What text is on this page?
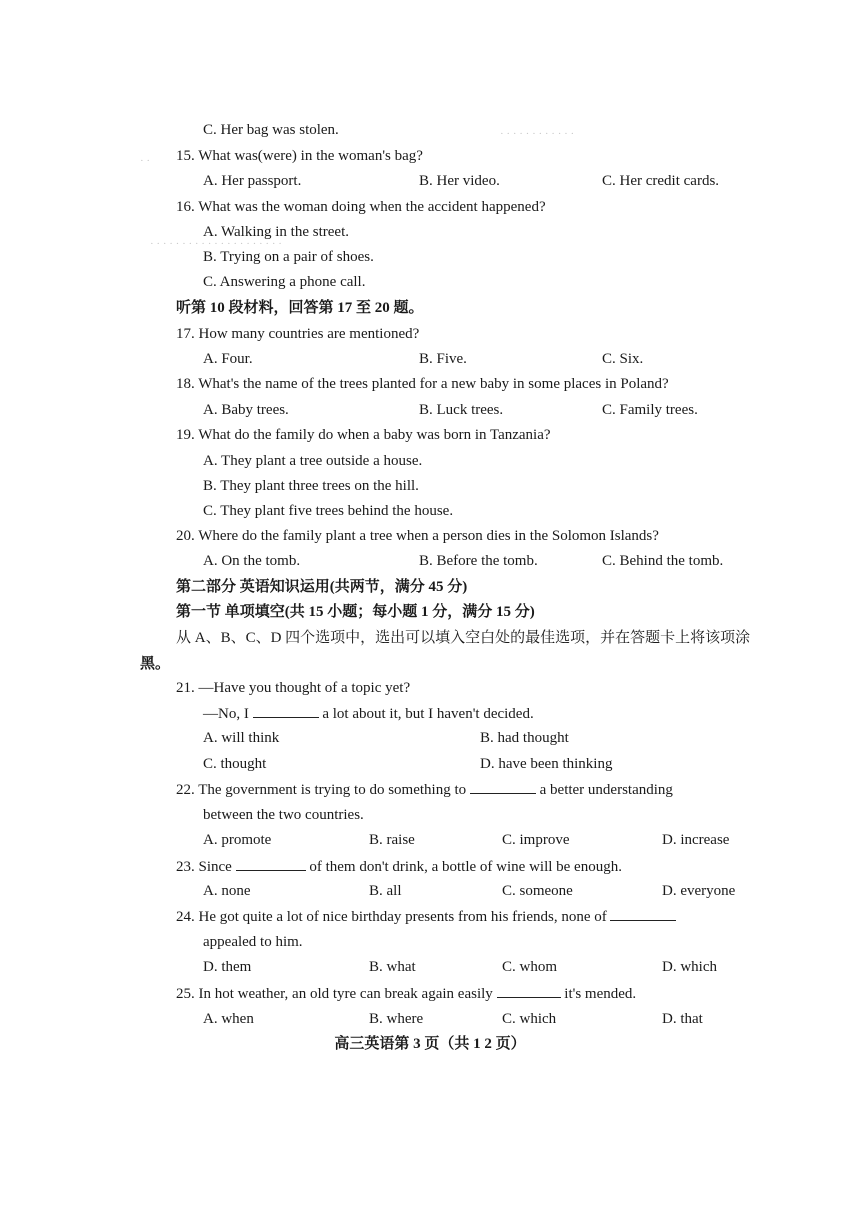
· · · · · · · · · · · ·
· ·
· · · · · · · · · · · · · · · · · · · · ·
C. Her bag was stolen.
15. What was(were) in the woman's bag?
A. Her passport.	B. Her video.	C. Her credit cards.
16. What was the woman doing when the accident happened?
A. Walking in the street.
B. Trying on a pair of shoes.
C. Answering a phone call.
听第 10 段材料，回答第 17 至 20 题。
17. How many countries are mentioned?
A. Four.	B. Five.	C. Six.
18. What's the name of the trees planted for a new baby in some places in Poland?
A. Baby trees.	B. Luck trees.	C. Family trees.
19. What do the family do when a baby was born in Tanzania?
A. They plant a tree outside a house.
B. They plant three trees on the hill.
C. They plant five trees behind the house.
20. Where do the family plant a tree when a person dies in the Solomon Islands?
A. On the tomb.	B. Before the tomb.	C. Behind the tomb.
第二部分 英语知识运用(共两节，满分 45 分)
第一节 单项填空(共 15 小题；每小题 1 分，满分 15 分)
从 A、B、C、D 四个选项中，选出可以填入空白处的最佳选项，并在答题卡上将该项涂
黑。
21. —Have you thought of a topic yet?
—No, I	a lot about it, but I haven't decided.
A. will think	B. had thought
C. thought	D. have been thinking
22. The government is trying to do something to	a better understanding
between the two countries.
A. promote	B. raise	C. improve	D. increase
23. Since	of them don't drink, a bottle of wine will be enough.
A. none	B. all	C. someone	D. everyone
24. He got quite a lot of nice birthday presents from his friends, none of
appealed to him.
D. them	B. what	C. whom	D. which
25. In hot weather, an old tyre can break again easily	it's mended.
A. when	B. where	C. which	D. that
高三英语第 3 页（共 1 2 页）
